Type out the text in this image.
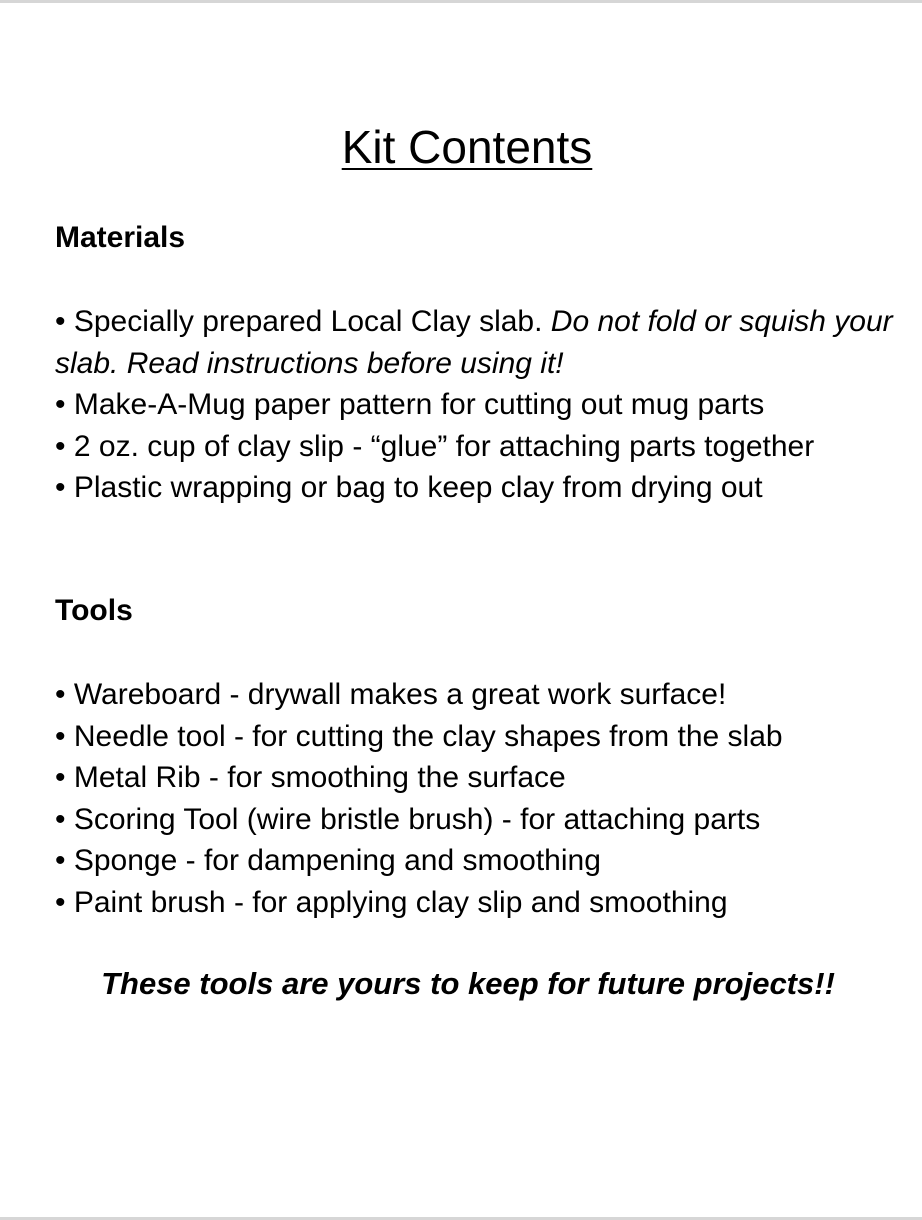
Kit Contents
Materials
• Specially prepared Local Clay slab. Do not fold or squish your slab. Read instructions before using it!
• Make-A-Mug paper pattern for cutting out mug parts
• 2 oz. cup of clay slip - “glue” for attaching parts together
• Plastic wrapping or bag to keep clay from drying out
Tools
• Wareboard - drywall makes a great work surface!
• Needle tool - for cutting the clay shapes from the slab
• Metal Rib - for smoothing the surface
• Scoring Tool (wire bristle brush) - for attaching parts
• Sponge - for dampening and smoothing
• Paint brush - for applying clay slip and smoothing

These tools are yours to keep for future projects!!
